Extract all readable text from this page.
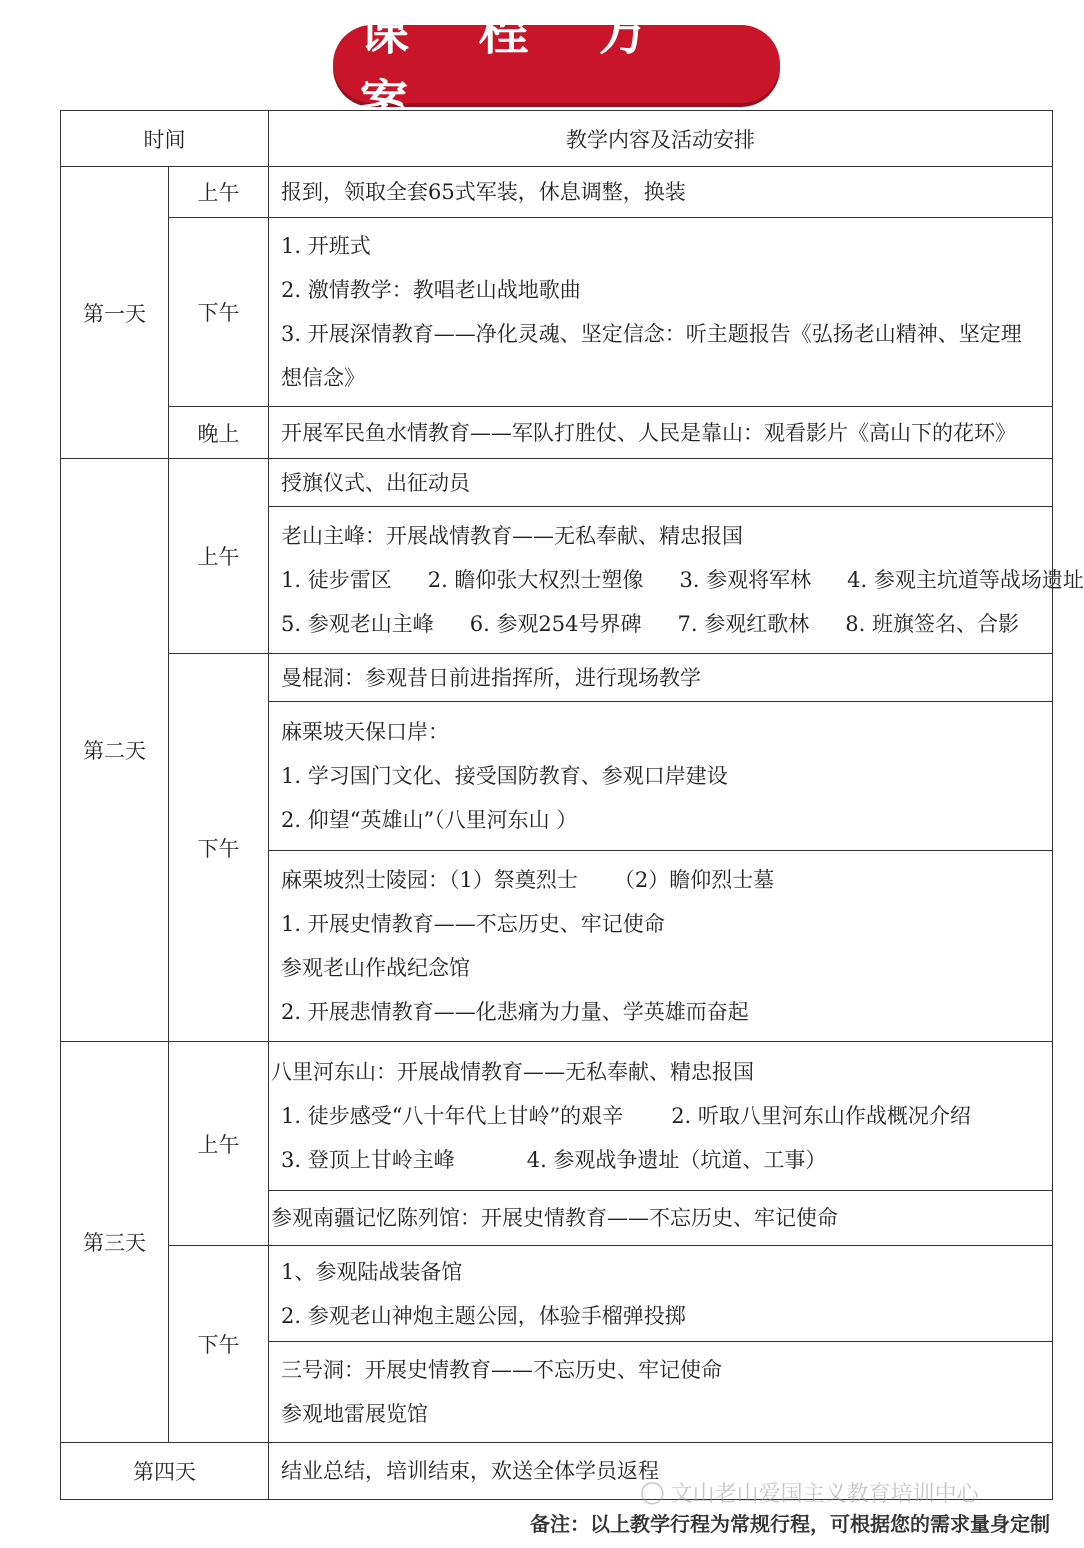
课 程 方 案
时间		教学内容及活动安排
第一天	上午	报到，领取全套65式军装，休息调整，换装

	下午	1. 开班式
2. 激情教学：教唱老山战地歌曲
3. 开展深情教育——净化灵魂、坚定信念：听主题报告《弘扬老山精神、坚定理
想信念》

	晚上	开展军民鱼水情教育——军队打胜仗、人民是靠山：观看影片《高山下的花环》

第二天	上午	授旗仪式、出征动员

		老山主峰：开展战情教育——无私奉献、精忠报国
1. 徒步雷区 2. 瞻仰张大权烈士塑像 3. 参观将军林 4. 参观主坑道等战场遗址
5. 参观老山主峰 6. 参观254号界碑 7. 参观红歌林 8. 班旗签名、合影

	下午	曼棍洞：参观昔日前进指挥所，进行现场教学

		麻栗坡天保口岸：
1. 学习国门文化、接受国防教育、参观口岸建设
2. 仰望“英雄山”（八里河东山 ）

		麻栗坡烈士陵园：（1）祭奠烈士 （2）瞻仰烈士墓
1. 开展史情教育——不忘历史、牢记使命
参观老山作战纪念馆
2. 开展悲情教育——化悲痛为力量、学英雄而奋起

第三天	上午	八里河东山：开展战情教育——无私奉献、精忠报国
1. 徒步感受“八十年代上甘岭”的艰辛 2. 听取八里河东山作战概况介绍
3. 登顶上甘岭主峰 4. 参观战争遗址（坑道、工事）

		参观南疆记忆陈列馆：开展史情教育——不忘历史、牢记使命

	下午	1、参观陆战装备馆
2. 参观老山神炮主题公园，体验手榴弹投掷

		三号洞：开展史情教育——不忘历史、牢记使命
参观地雷展览馆

第四天		结业总结，培训结束，欢送全体学员返程
◯ 文山老山爱国主义教育培训中心
备注：以上教学行程为常规行程，可根据您的需求量身定制
